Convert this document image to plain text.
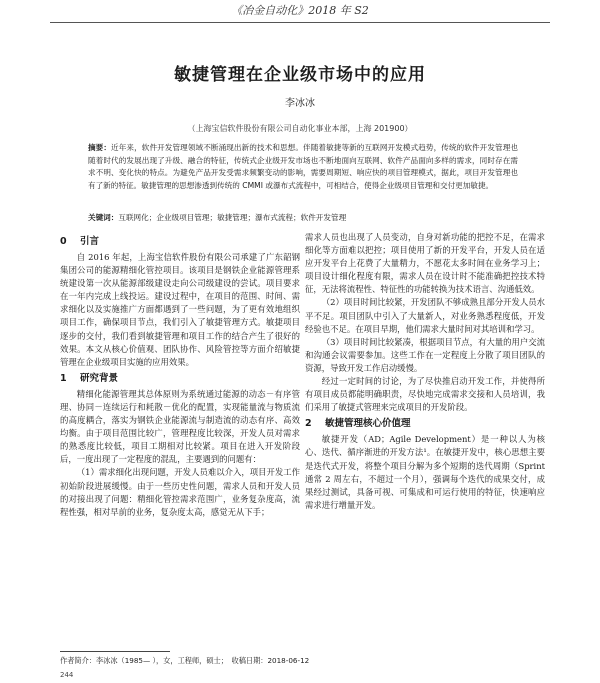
《冶金自动化》2018 年 S2
敏捷管理在企业级市场中的应用
李冰冰
（上海宝信软件股份有限公司自动化事业本部，上海 201900）
摘要：近年来，软件开发管理领域不断涌现出新的技术和思想。伴随着敏捷等新的互联网开发模式趋势，传统的软件开发管理也随着时代的发展出现了升级、融合的特征，传统式企业级开发市场也不断地面向互联网、软件产品面向多样的需求，同时存在需求不明、变化快的特点。为避免产品开发受需求频繁变动的影响，需要周期短、响应快的项目管理模式，据此，项目开发管理也有了新的特征。敏捷管理的思想渗透到传统的 CMMI 或瀑布式流程中，可相结合，使得企业级项目管理和交付更加敏捷。
关键词：互联网化；企业级项目管理；敏捷管理；瀑布式流程；软件开发管理
0 引言

自 2016 年起，上海宝信软件股份有限公司承建了广东韶钢集团公司的能源精细化管控项目。该项目是钢铁企业能源管理系统建设第一次从能源部级建设走向公司级建设的尝试。项目要求在一年内完成上线投运。建设过程中，在项目的范围、时间、需求细化以及实施推广方面都遇到了一些问题，为了更有效地组织项目工作，确保项目节点，我们引入了敏捷管理方式。敏捷项目逐步的交付，我们看到敏捷管理和项目工作的结合产生了很好的效果。本文从核心价值观、团队协作、风险管控等方面介绍敏捷管理在企业级项目实施的应用效果。

1 研究背景

精细化能源管理其总体原则为系统通过能源的动态－有序管理、协同－连续运行和耗散－优化的配置，实现能量流与物质流的高度耦合，落实为钢铁企业能源流与制造流的动态有序、高效均衡。由于项目范围比较广，管理程度比较深，开发人员对需求的熟悉度比较低，项目工期相对比较紧。项目在进入开发阶段后，一度出现了一定程度的混乱，主要遇到的问题有：

（1）需求细化出现问题，开发人员难以介入，项目开发工作初始阶段进展缓慢。由于一些历史性问题，需求人员和开发人员的对接出现了问题：精细化管控需求范围广，业务复杂度高，流程性强，相对早前的业务，复杂度太高，感觉无从下手；

需求人员也出现了人员变动，自身对新功能的把控不足，在需求细化等方面难以把控；项目使用了新的开发平台，开发人员在适应开发平台上花费了大量精力，不愿花太多时间在业务学习上；项目设计细化程度有限，需求人员在设计时不能准确把控技术特征，无法将流程性、特征性的功能转换为技术语言、沟通低效。

（2）项目时间比较紧，开发团队不够成熟且部分开发人员水平不足。项目团队中引入了大量新人，对业务熟悉程度低，开发经验也不足。在项目早期，他们需求大量时间对其培训和学习。

（3）项目时间比较紧凑，根据项目节点，有大量的用户交流和沟通会议需要参加。这些工作在一定程度上分散了项目团队的资源，导致开发工作启动缓慢。

经过一定时间的讨论，为了尽快推启动开发工作，并使得所有项目成员都能明确职责，尽快地完成需求交接和人员培训，我们采用了敏捷式管理来完成项目的开发阶段。

2 敏捷管理核心价值理

敏捷开发（AD；Agile Development）是一种以人为核心、迭代、循序渐进的开发方法¹。在敏捷开发中，核心思想主要是迭代式开发，将整个项目分解为多个短期的迭代周期（Sprint 通常 2 周左右，不超过一个月），强调每个迭代的成果交付，成果经过测试，具备可视、可集成和可运行使用的特征，快速响应需求进行增量开发。

作者简介：李冰冰（1985— ），女，工程师，硕士；　收稿日期：2018-06-12
244
